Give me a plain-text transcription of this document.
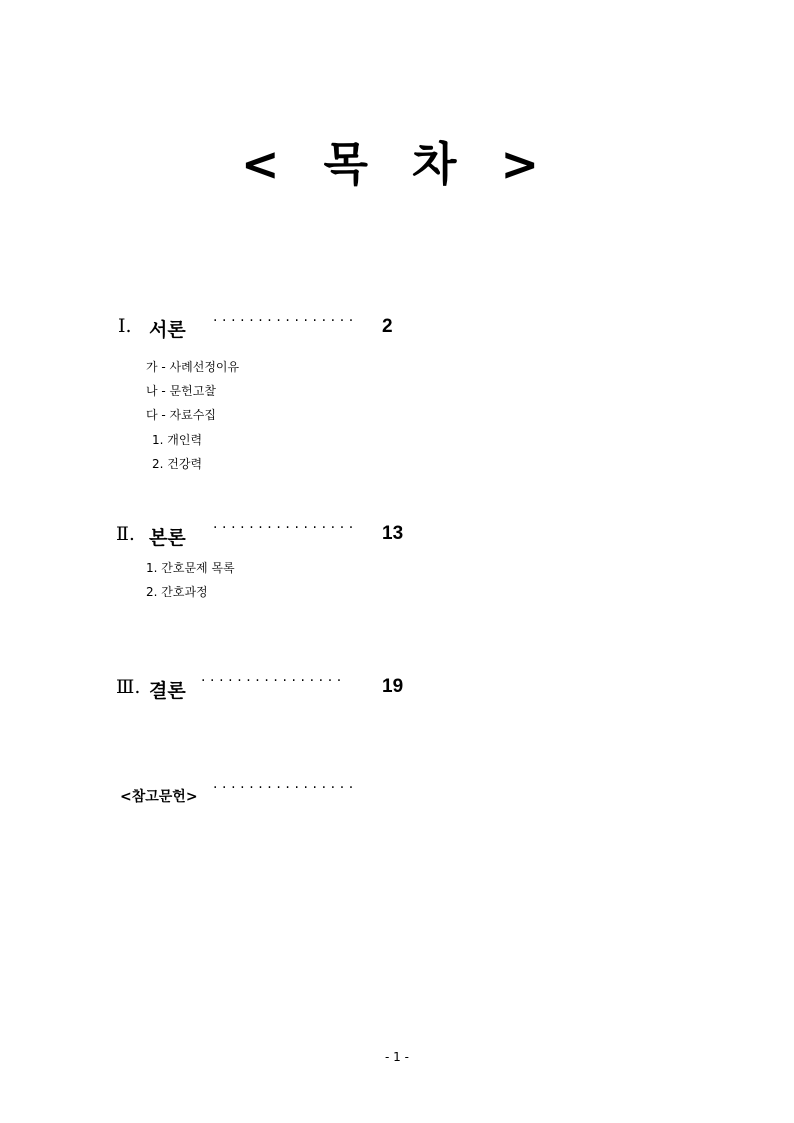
< 목 차 >
Ⅰ. 서론 ················ 2
가 - 사례선정이유
나 - 문헌고찰
다 - 자료수집
1. 개인력
2. 건강력
Ⅱ. 본론 ················ 13
1. 간호문제 목록
2. 간호과정
Ⅲ. 결론 ················ 19
<참고문헌>
················
- 1 -
